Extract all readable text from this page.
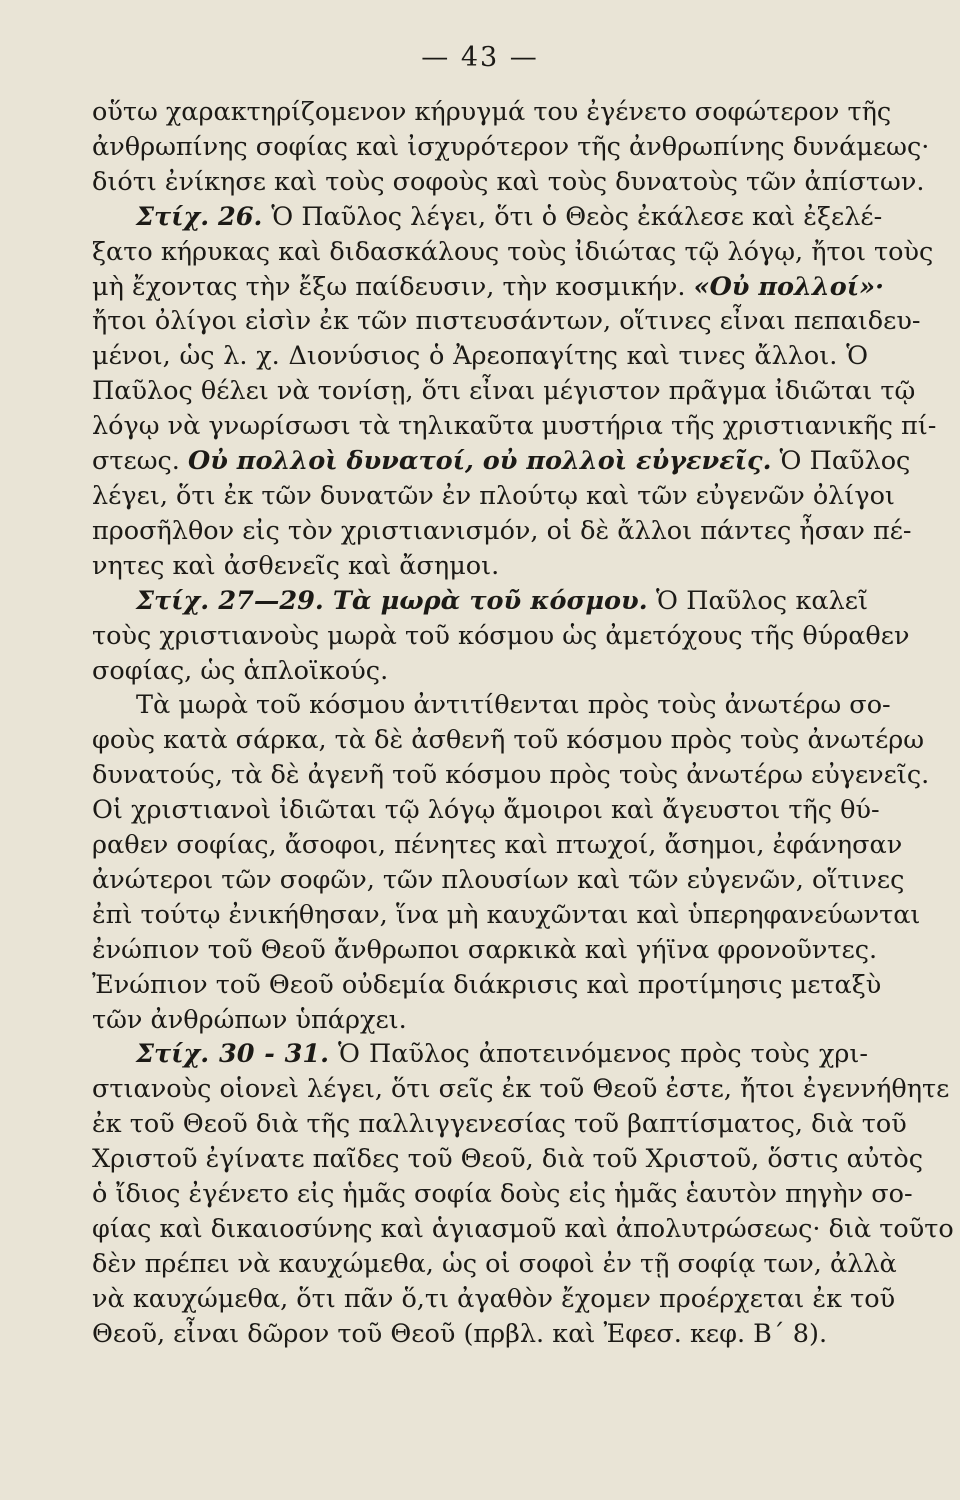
— 43 —
οὕτω χαρακτηρίζομενον κήρυγμά του ἐγένετο σοφώτερον τῆς
ἀνθρωπίνης σοφίας καὶ ἰσχυρότερον τῆς ἀνθρωπίνης δυνάμεως·
διότι ἐνίκησε καὶ τοὺς σοφοὺς καὶ τοὺς δυνατοὺς τῶν ἀπίστων.
Στίχ. 26. Ὁ Παῦλος λέγει, ὅτι ὁ Θεὸς ἐκάλεσε καὶ ἐξελέ-
ξατο κήρυκας καὶ διδασκάλους τοὺς ἰδιώτας τῷ λόγῳ, ἤτοι τοὺς
μὴ ἔχοντας τὴν ἔξω παίδευσιν, τὴν κοσμικήν. «Οὐ πολλοί»·
ἤτοι ὀλίγοι εἰσὶν ἐκ τῶν πιστευσάντων, οἵτινες εἶναι πεπαιδευ-
μένοι, ὡς λ. χ. Διονύσιος ὁ Ἀρεοπαγίτης καὶ τινες ἄλλοι. Ὁ
Παῦλος θέλει νὰ τονίσῃ, ὅτι εἶναι μέγιστον πρᾶγμα ἰδιῶται τῷ
λόγῳ νὰ γνωρίσωσι τὰ τηλικαῦτα μυστήρια τῆς χριστιανικῆς πί-
στεως. Οὐ πολλοὶ δυνατοί, οὐ πολλοὶ εὐγενεῖς. Ὁ Παῦλος
λέγει, ὅτι ἐκ τῶν δυνατῶν ἐν πλούτῳ καὶ τῶν εὐγενῶν ὀλίγοι
προσῆλθον εἰς τὸν χριστιανισμόν, οἱ δὲ ἄλλοι πάντες ἦσαν πέ-
νητες καὶ ἀσθενεῖς καὶ ἄσημοι.
Στίχ. 27—29. Τὰ μωρὰ τοῦ κόσμου. Ὁ Παῦλος καλεῖ
τοὺς χριστιανοὺς μωρὰ τοῦ κόσμου ὡς ἀμετόχους τῆς θύραθεν
σοφίας, ὡς ἁπλοϊκούς.
Τὰ μωρὰ τοῦ κόσμου ἀντιτίθενται πρὸς τοὺς ἀνωτέρω σο-
φοὺς κατὰ σάρκα, τὰ δὲ ἀσθενῆ τοῦ κόσμου πρὸς τοὺς ἀνωτέρω
δυνατούς, τὰ δὲ ἀγενῆ τοῦ κόσμου πρὸς τοὺς ἀνωτέρω εὐγενεῖς.
Οἱ χριστιανοὶ ἰδιῶται τῷ λόγῳ ἄμοιροι καὶ ἄγευστοι τῆς θύ-
ραθεν σοφίας, ἄσοφοι, πένητες καὶ πτωχοί, ἄσημοι, ἐφάνησαν
ἀνώτεροι τῶν σοφῶν, τῶν πλουσίων καὶ τῶν εὐγενῶν, οἵτινες
ἐπὶ τούτῳ ἐνικήθησαν, ἵνα μὴ καυχῶνται καὶ ὑπερηφανεύωνται
ἐνώπιον τοῦ Θεοῦ ἄνθρωποι σαρκικὰ καὶ γήϊνα φρονοῦντες.
Ἐνώπιον τοῦ Θεοῦ οὐδεμία διάκρισις καὶ προτίμησις μεταξὺ
τῶν ἀνθρώπων ὑπάρχει.
Στίχ. 30 - 31. Ὁ Παῦλος ἀποτεινόμενος πρὸς τοὺς χρι-
στιανοὺς οἱονεὶ λέγει, ὅτι σεῖς ἐκ τοῦ Θεοῦ ἐστε, ἤτοι ἐγεννήθητε
ἐκ τοῦ Θεοῦ διὰ τῆς παλλιγγενεσίας τοῦ βαπτίσματος, διὰ τοῦ
Χριστοῦ ἐγίνατε παῖδες τοῦ Θεοῦ, διὰ τοῦ Χριστοῦ, ὅστις αὐτὸς
ὁ ἴδιος ἐγένετο εἰς ἡμᾶς σοφία δοὺς εἰς ἡμᾶς ἑαυτὸν πηγὴν σο-
φίας καὶ δικαιοσύνης καὶ ἁγιασμοῦ καὶ ἀπολυτρώσεως· διὰ τοῦτο
δὲν πρέπει νὰ καυχώμεθα, ὡς οἱ σοφοὶ ἐν τῇ σοφίᾳ των, ἀλλὰ
νὰ καυχώμεθα, ὅτι πᾶν ὅ,τι ἀγαθὸν ἔχομεν προέρχεται ἐκ τοῦ
Θεοῦ, εἶναι δῶρον τοῦ Θεοῦ (πρβλ. καὶ Ἐφεσ. κεφ. Β΄ 8).
